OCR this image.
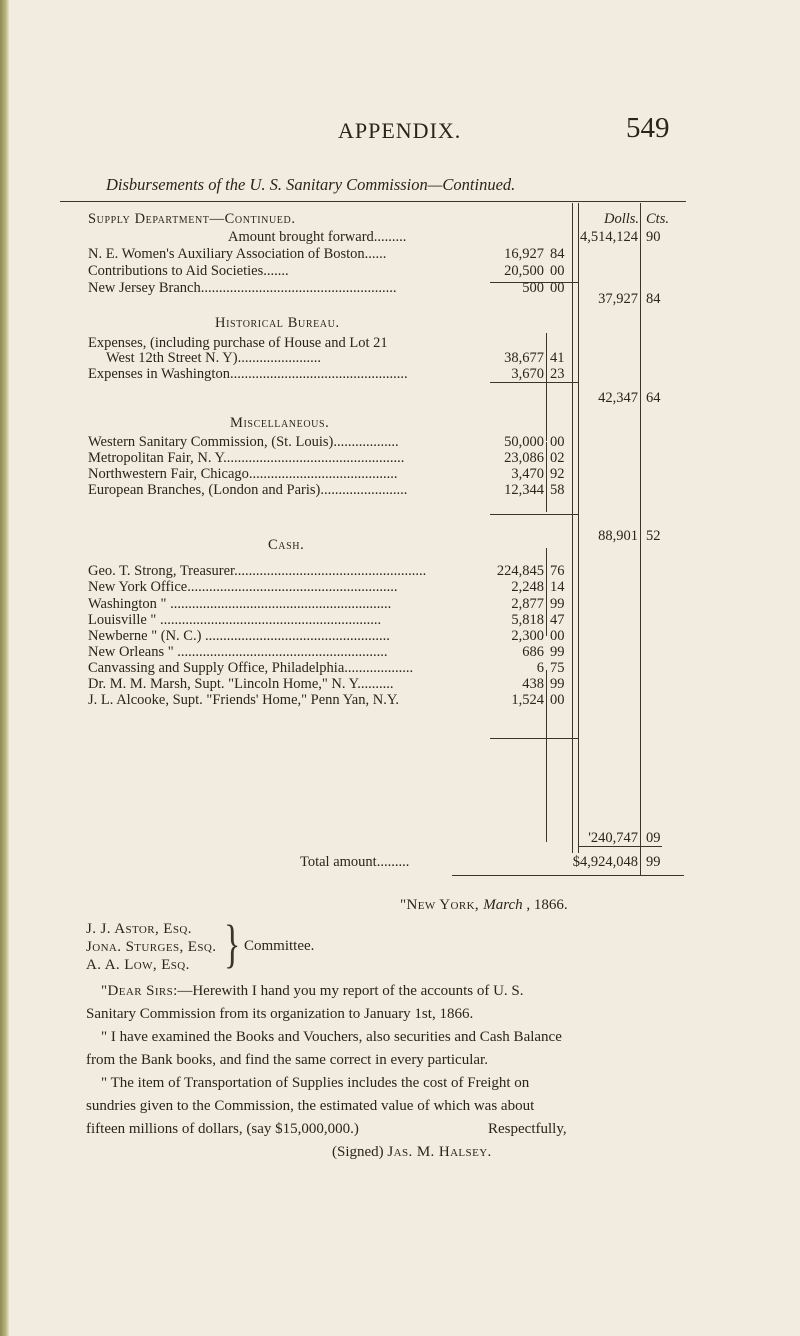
APPENDIX.	549
Disbursements of the U. S. Sanitary Commission—Continued.
Dolls. Cts.
Supply Department—Continued.
Amount brought forward.........	4,514,124 90
N. E. Women's Auxiliary Association of Boston......	16,927 84
Contributions to Aid Societies.......	20,500 00
New Jersey Branch......................................................	500 00
37,927 84
Historical Bureau.
Expenses, (including purchase of House and Lot 21
West 12th Street N. Y).......................	38,677 41
Expenses in Washington.................................................	3,670 23
42,347 64
Miscellaneous.
Western Sanitary Commission, (St. Louis)..................	50,000 00
Metropolitan Fair, N. Y..................................................	23,086 02
Northwestern Fair, Chicago.........................................	3,470 92
European Branches, (London and Paris)........................	12,344 58
88,901 52
Cash.
Geo. T. Strong, Treasurer.....................................................	224,845 76
New York Office..........................................................	2,248 14
Washington " .............................................................	2,877 99
Louisville " .............................................................	5,818 47
Newberne " (N. C.) ...................................................	2,300 00
New Orleans " ..........................................................	686 99
Canvassing and Supply Office, Philadelphia...................	6 75
Dr. M. M. Marsh, Supt. "Lincoln Home," N. Y..........	438 99
J. L. Alcooke, Supt. "Friends' Home," Penn Yan, N.Y.	1,524 00
'240,747 09
Total amount.........	$4,924,048 99
"New York, March , 1866.
J. J. Astor, Esq.
Jona. Sturges, Esq.
A. A. Low, Esq.	} Committee.
"Dear Sirs:—Herewith I hand you my report of the accounts of U. S.
Sanitary Commission from its organization to January 1st, 1866.
" I have examined the Books and Vouchers, also securities and Cash Balance
from the Bank books, and find the same correct in every particular.
" The item of Transportation of Supplies includes the cost of Freight on
sundries given to the Commission, the estimated value of which was about
fifteen millions of dollars, (say $15,000,000.)	Respectfully,
(Signed) Jas. M. Halsey.
